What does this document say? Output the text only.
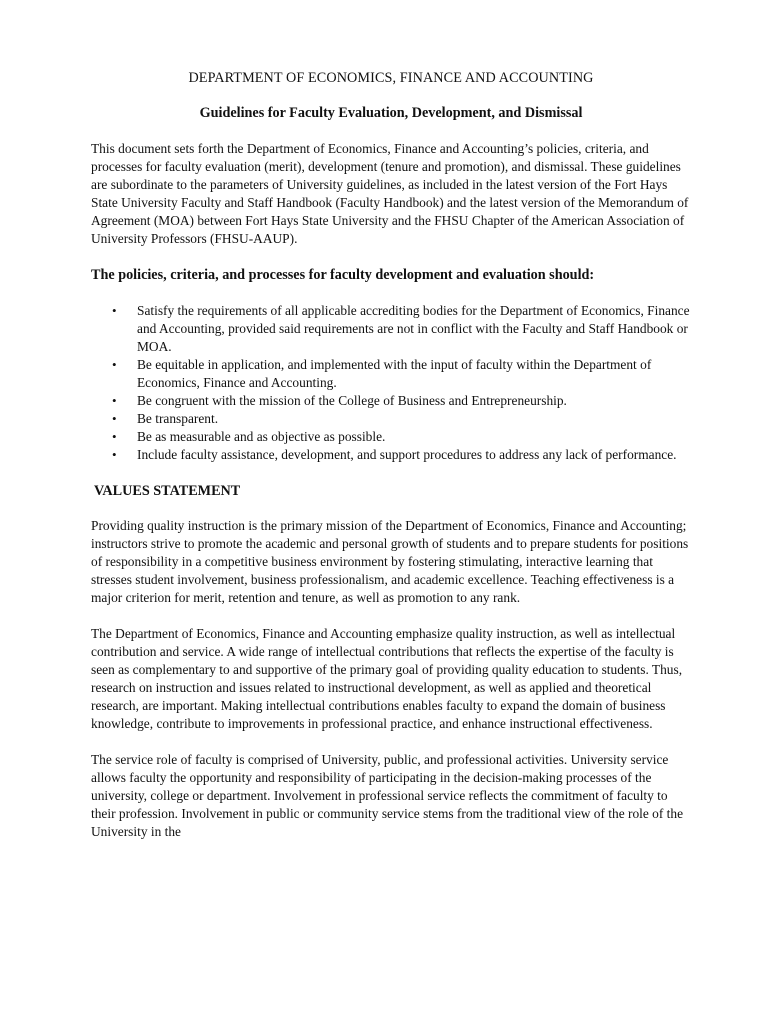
DEPARTMENT OF ECONOMICS, FINANCE AND ACCOUNTING
Guidelines for Faculty Evaluation, Development, and Dismissal

This document sets forth the Department of Economics, Finance and Accounting’s policies, criteria, and processes for faculty evaluation (merit), development (tenure and promotion), and dismissal. These guidelines are subordinate to the parameters of University guidelines, as included in the latest version of the Fort Hays State University Faculty and Staff Handbook (Faculty Handbook) and the latest version of the Memorandum of Agreement (MOA) between Fort Hays State University and the FHSU Chapter of the American Association of University Professors (FHSU-AAUP).

The policies, criteria, and processes for faculty development and evaluation should:
• Satisfy the requirements of all applicable accrediting bodies for the Department of Economics, Finance and Accounting, provided said requirements are not in conflict with the Faculty and Staff Handbook or MOA.
• Be equitable in application, and implemented with the input of faculty within the Department of Economics, Finance and Accounting.
• Be congruent with the mission of the College of Business and Entrepreneurship.
• Be transparent.
• Be as measurable and as objective as possible.
• Include faculty assistance, development, and support procedures to address any lack of performance.
VALUES STATEMENT

Providing quality instruction is the primary mission of the Department of Economics, Finance and Accounting; instructors strive to promote the academic and personal growth of students and to prepare students for positions of responsibility in a competitive business environment by fostering stimulating, interactive learning that stresses student involvement, business professionalism, and academic excellence. Teaching effectiveness is a major criterion for merit, retention and tenure, as well as promotion to any rank.

The Department of Economics, Finance and Accounting emphasize quality instruction, as well as intellectual contribution and service. A wide range of intellectual contributions that reflects the expertise of the faculty is seen as complementary to and supportive of the primary goal of providing quality education to students. Thus, research on instruction and issues related to instructional development, as well as applied and theoretical research, are important. Making intellectual contributions enables faculty to expand the domain of business knowledge, contribute to improvements in professional practice, and enhance instructional effectiveness.

The service role of faculty is comprised of University, public, and professional activities. University service allows faculty the opportunity and responsibility of participating in the decision-making processes of the university, college or department. Involvement in professional service reflects the commitment of faculty to their profession. Involvement in public or community service stems from the traditional view of the role of the University in the
